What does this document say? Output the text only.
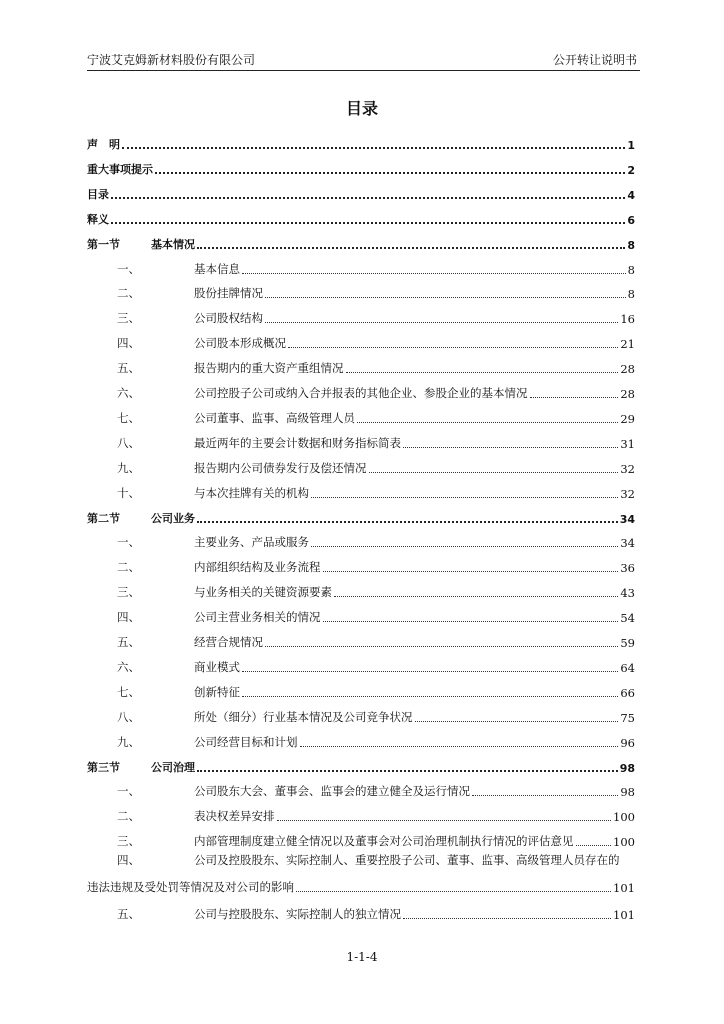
宁波艾克姆新材料股份有限公司	公开转让说明书
目录
声　明	1
重大事项提示	2
目录	4
释义	6
第一节	基本情况	8
一、	基本信息	8
二、	股份挂牌情况	8
三、	公司股权结构	16
四、	公司股本形成概况	21
五、	报告期内的重大资产重组情况	28
六、	公司控股子公司或纳入合并报表的其他企业、参股企业的基本情况	28
七、	公司董事、监事、高级管理人员	29
八、	最近两年的主要会计数据和财务指标简表	31
九、	报告期内公司债券发行及偿还情况	32
十、	与本次挂牌有关的机构	32
第二节	公司业务	34
一、	主要业务、产品或服务	34
二、	内部组织结构及业务流程	36
三、	与业务相关的关键资源要素	43
四、	公司主营业务相关的情况	54
五、	经营合规情况	59
六、	商业模式	64
七、	创新特征	66
八、	所处（细分）行业基本情况及公司竞争状况	75
九、	公司经营目标和计划	96
第三节	公司治理	98
一、	公司股东大会、董事会、监事会的建立健全及运行情况	98
二、	表决权差异安排	100
三、	内部管理制度建立健全情况以及董事会对公司治理机制执行情况的评估意见	100
四、	公司及控股股东、实际控制人、重要控股子公司、董事、监事、高级管理人员存在的
违法违规及受处罚等情况及对公司的影响	101
五、	公司与控股股东、实际控制人的独立情况	101
1-1-4
